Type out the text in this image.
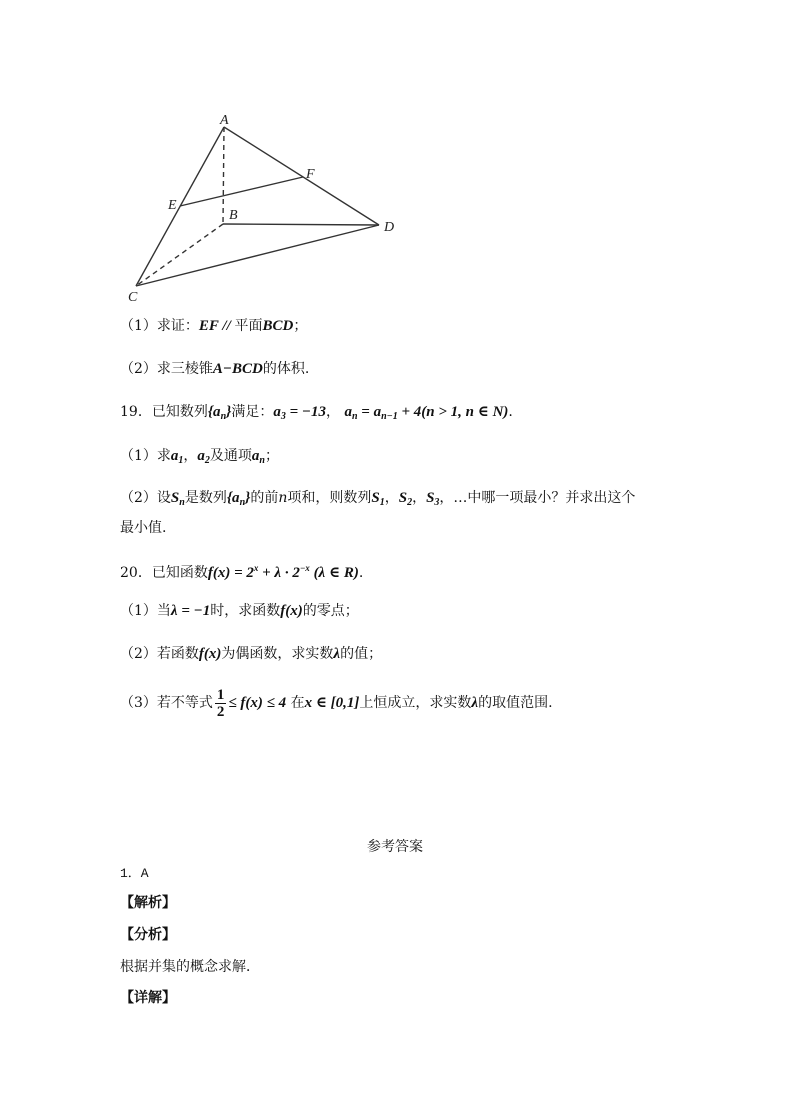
A
B
C
D
E
F
（1）求证：EF // 平面BCD；
（2）求三棱锥A−BCD的体积.
19．已知数列$\{a_n\}$满足：$a_3 = -13$， $a_n = a_{n-1} + 4(n > 1$, n ∈ N).
（1）求$a_1$，$a_2$及通项$a_n$；
（2）设$S_n$是数列$\{a_n\}$的前n项和，则数列$S_1$，$S_2$，$S_3$，…中哪一项最小？并求出这个
最小值.
20．已知函数$f(x) = 2^x + \lambda \cdot 2^{-x}$ (λ ∈ R).
（1）当λ = −1时，求函数f(x)的零点；
（2）若函数f(x)为偶函数，求实数λ的值；
（3）若不等式 $\frac{1}{2} \le f(x) \le 4$ 在x ∈ [0,1]上恒成立，求实数λ的取值范围.
参考答案
1．A
【解析】
【分析】
根据并集的概念求解．
【详解】
